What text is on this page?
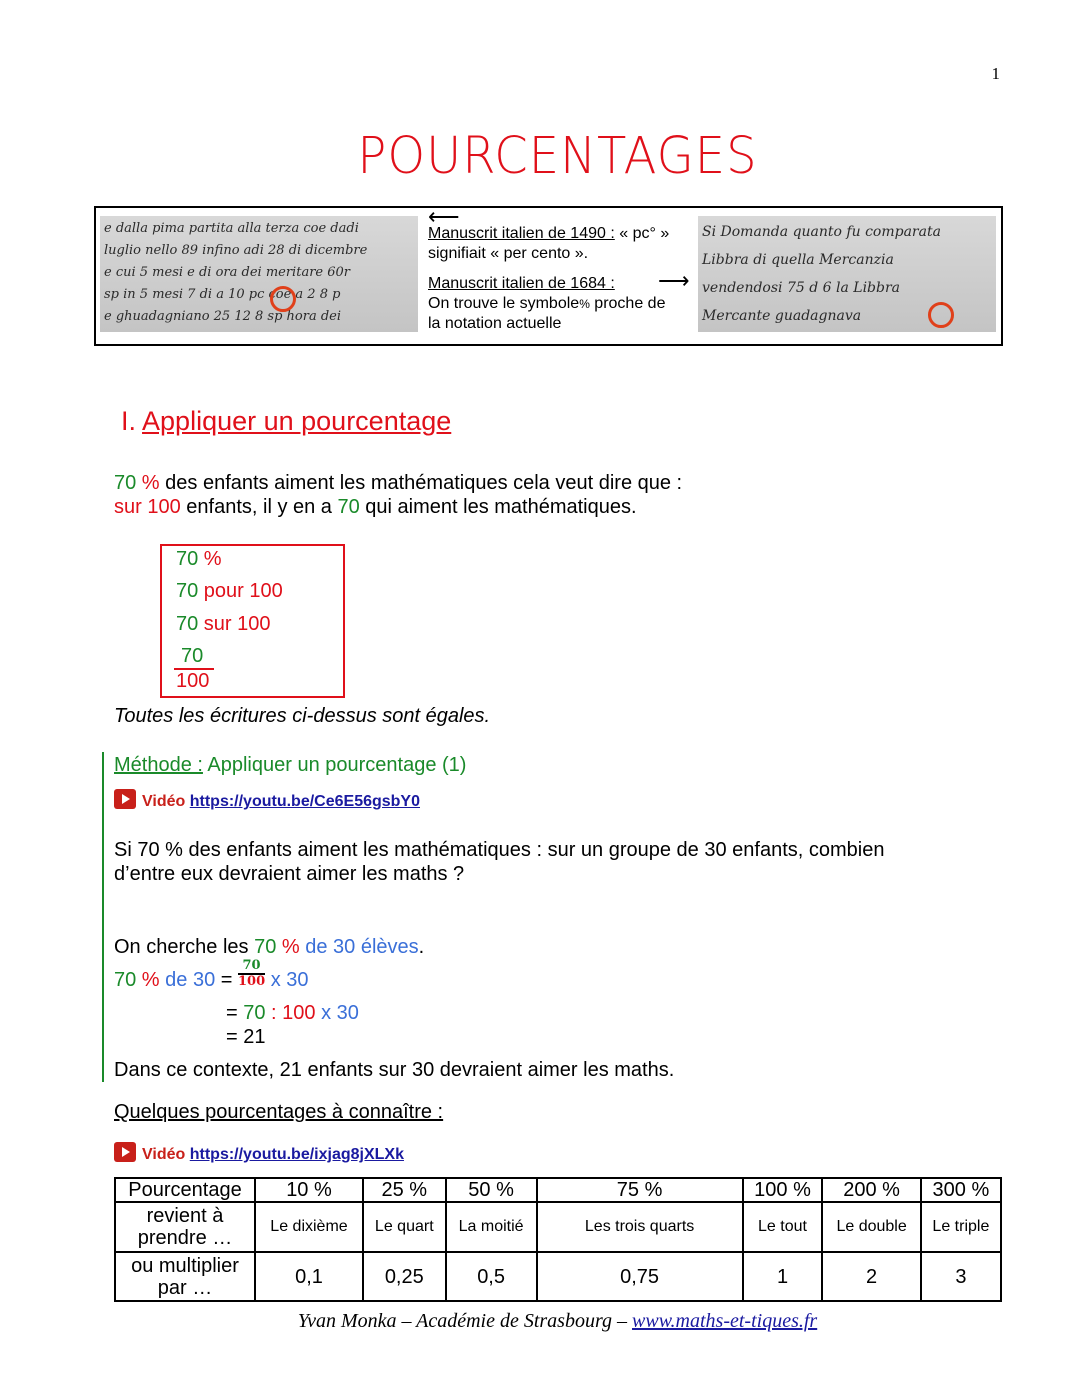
1
POURCENTAGES
e dalla pima partita alla terza coe dadi
luglio nello 89 infino adi 28 di dicembre
e cui 5 mesi e di ora dei meritare 60r
sp in 5 mesi 7 di a 10 pc coe a 2 8 p
e ghuadagniano 25 12 8 sp hora dei
⟵
Manuscrit italien de 1490 : « pc° »
signifiait « per cento ».
Manuscrit italien de 1684 : ⟶
On trouve le symbole% proche de
la notation actuelle
Si Domanda quanto fu comparata
Libbra di quella Mercanzia
vendendosi 75 d 6 la Libbra
Mercante guadagnava
I. Appliquer un pourcentage
70 % des enfants aiment les mathématiques cela veut dire que :
sur 100 enfants, il y en a 70 qui aiment les mathématiques.
70 %
70 pour 100
70 sur 100
70
100
Toutes les écritures ci-dessus sont égales.
Méthode : Appliquer un pourcentage (1)
Vidéo https://youtu.be/Ce6E56gsbY0
Si 70 % des enfants aiment les mathématiques : sur un groupe de 30 enfants, combien
d’entre eux devraient aimer les maths ?
On cherche les 70 % de 30 élèves.
70 % de $30 = \frac{70}{100}$ x 30
= 70 : 100 x 30
= 21
Dans ce contexte, 21 enfants sur 30 devraient aimer les maths.
Quelques pourcentages à connaître :
Vidéo https://youtu.be/ixjag8jXLXk
Pourcentage	10 %	25 %	50 %	75 %	100 %	200 %	300 %
revient à prendre …	Le dixième	Le quart	La moitié	Les trois quarts	Le tout	Le double	Le triple
ou multiplier par …	0,1	0,25	0,5	0,75	1	2	3
Yvan Monka – Académie de Strasbourg – www.maths-et-tiques.fr
